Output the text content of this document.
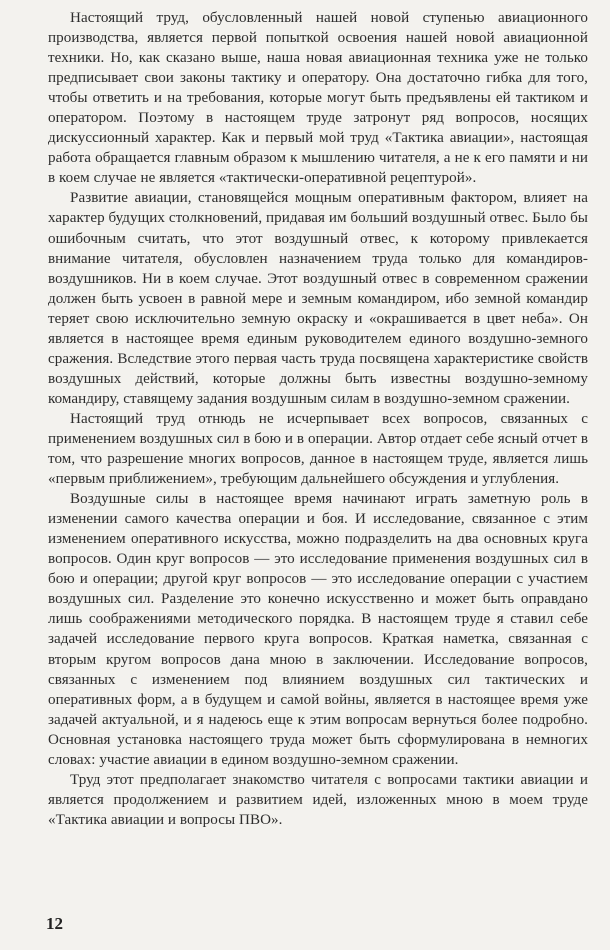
Настоящий труд, обусловленный нашей новой ступенью авиационного производства, является первой попыткой освоения нашей новой авиационной техники. Но, как сказано выше, наша новая авиационная техника уже не только предписывает свои законы тактику и оператору. Она достаточно гибка для того, чтобы ответить и на требования, которые могут быть предъявлены ей тактиком и оператором. Поэтому в настоящем труде затронут ряд вопросов, носящих дискуссионный характер. Как и первый мой труд «Тактика авиации», настоящая работа обращается главным образом к мышлению читателя, а не к его памяти и ни в коем случае не является «тактически-оперативной рецептурой».

Развитие авиации, становящейся мощным оперативным фактором, влияет на характер будущих столкновений, придавая им больший воздушный отвес. Было бы ошибочным считать, что этот воздушный отвес, к которому привлекается внимание читателя, обусловлен назначением труда только для командиров-воздушников. Ни в коем случае. Этот воздушный отвес в современном сражении должен быть усвоен в равной мере и земным командиром, ибо земной командир теряет свою исключительно земную окраску и «окрашивается в цвет неба». Он является в настоящее время единым руководителем единого воздушно-земного сражения. Вследствие этого первая часть труда посвящена характеристике свойств воздушных действий, которые должны быть известны воздушно-земному командиру, ставящему задания воздушным силам в воздушно-земном сражении.

Настоящий труд отнюдь не исчерпывает всех вопросов, связанных с применением воздушных сил в бою и в операции. Автор отдает себе ясный отчет в том, что разрешение многих вопросов, данное в настоящем труде, является лишь «первым приближением», требующим дальнейшего обсуждения и углубления.

Воздушные силы в настоящее время начинают играть заметную роль в изменении самого качества операции и боя. И исследование, связанное с этим изменением оперативного искусства, можно подразделить на два основных круга вопросов. Один круг вопросов — это исследование применения воздушных сил в бою и операции; другой круг вопросов — это исследование операции с участием воздушных сил. Разделение это конечно искусственно и может быть оправдано лишь соображениями методического порядка. В настоящем труде я ставил себе задачей исследование первого круга вопросов. Краткая наметка, связанная с вторым кругом вопросов дана мною в заключении. Исследование вопросов, связанных с изменением под влиянием воздушных сил тактических и оперативных форм, а в будущем и самой войны, является в настоящее время уже задачей актуальной, и я надеюсь еще к этим вопросам вернуться более подробно. Основная установка настоящего труда может быть сформулирована в немногих словах: участие авиации в едином воздушно-земном сражении.

Труд этот предполагает знакомство читателя с вопросами тактики авиации и является продолжением и развитием идей, изложенных мною в моем труде «Тактика авиации и вопросы ПВО».

12
